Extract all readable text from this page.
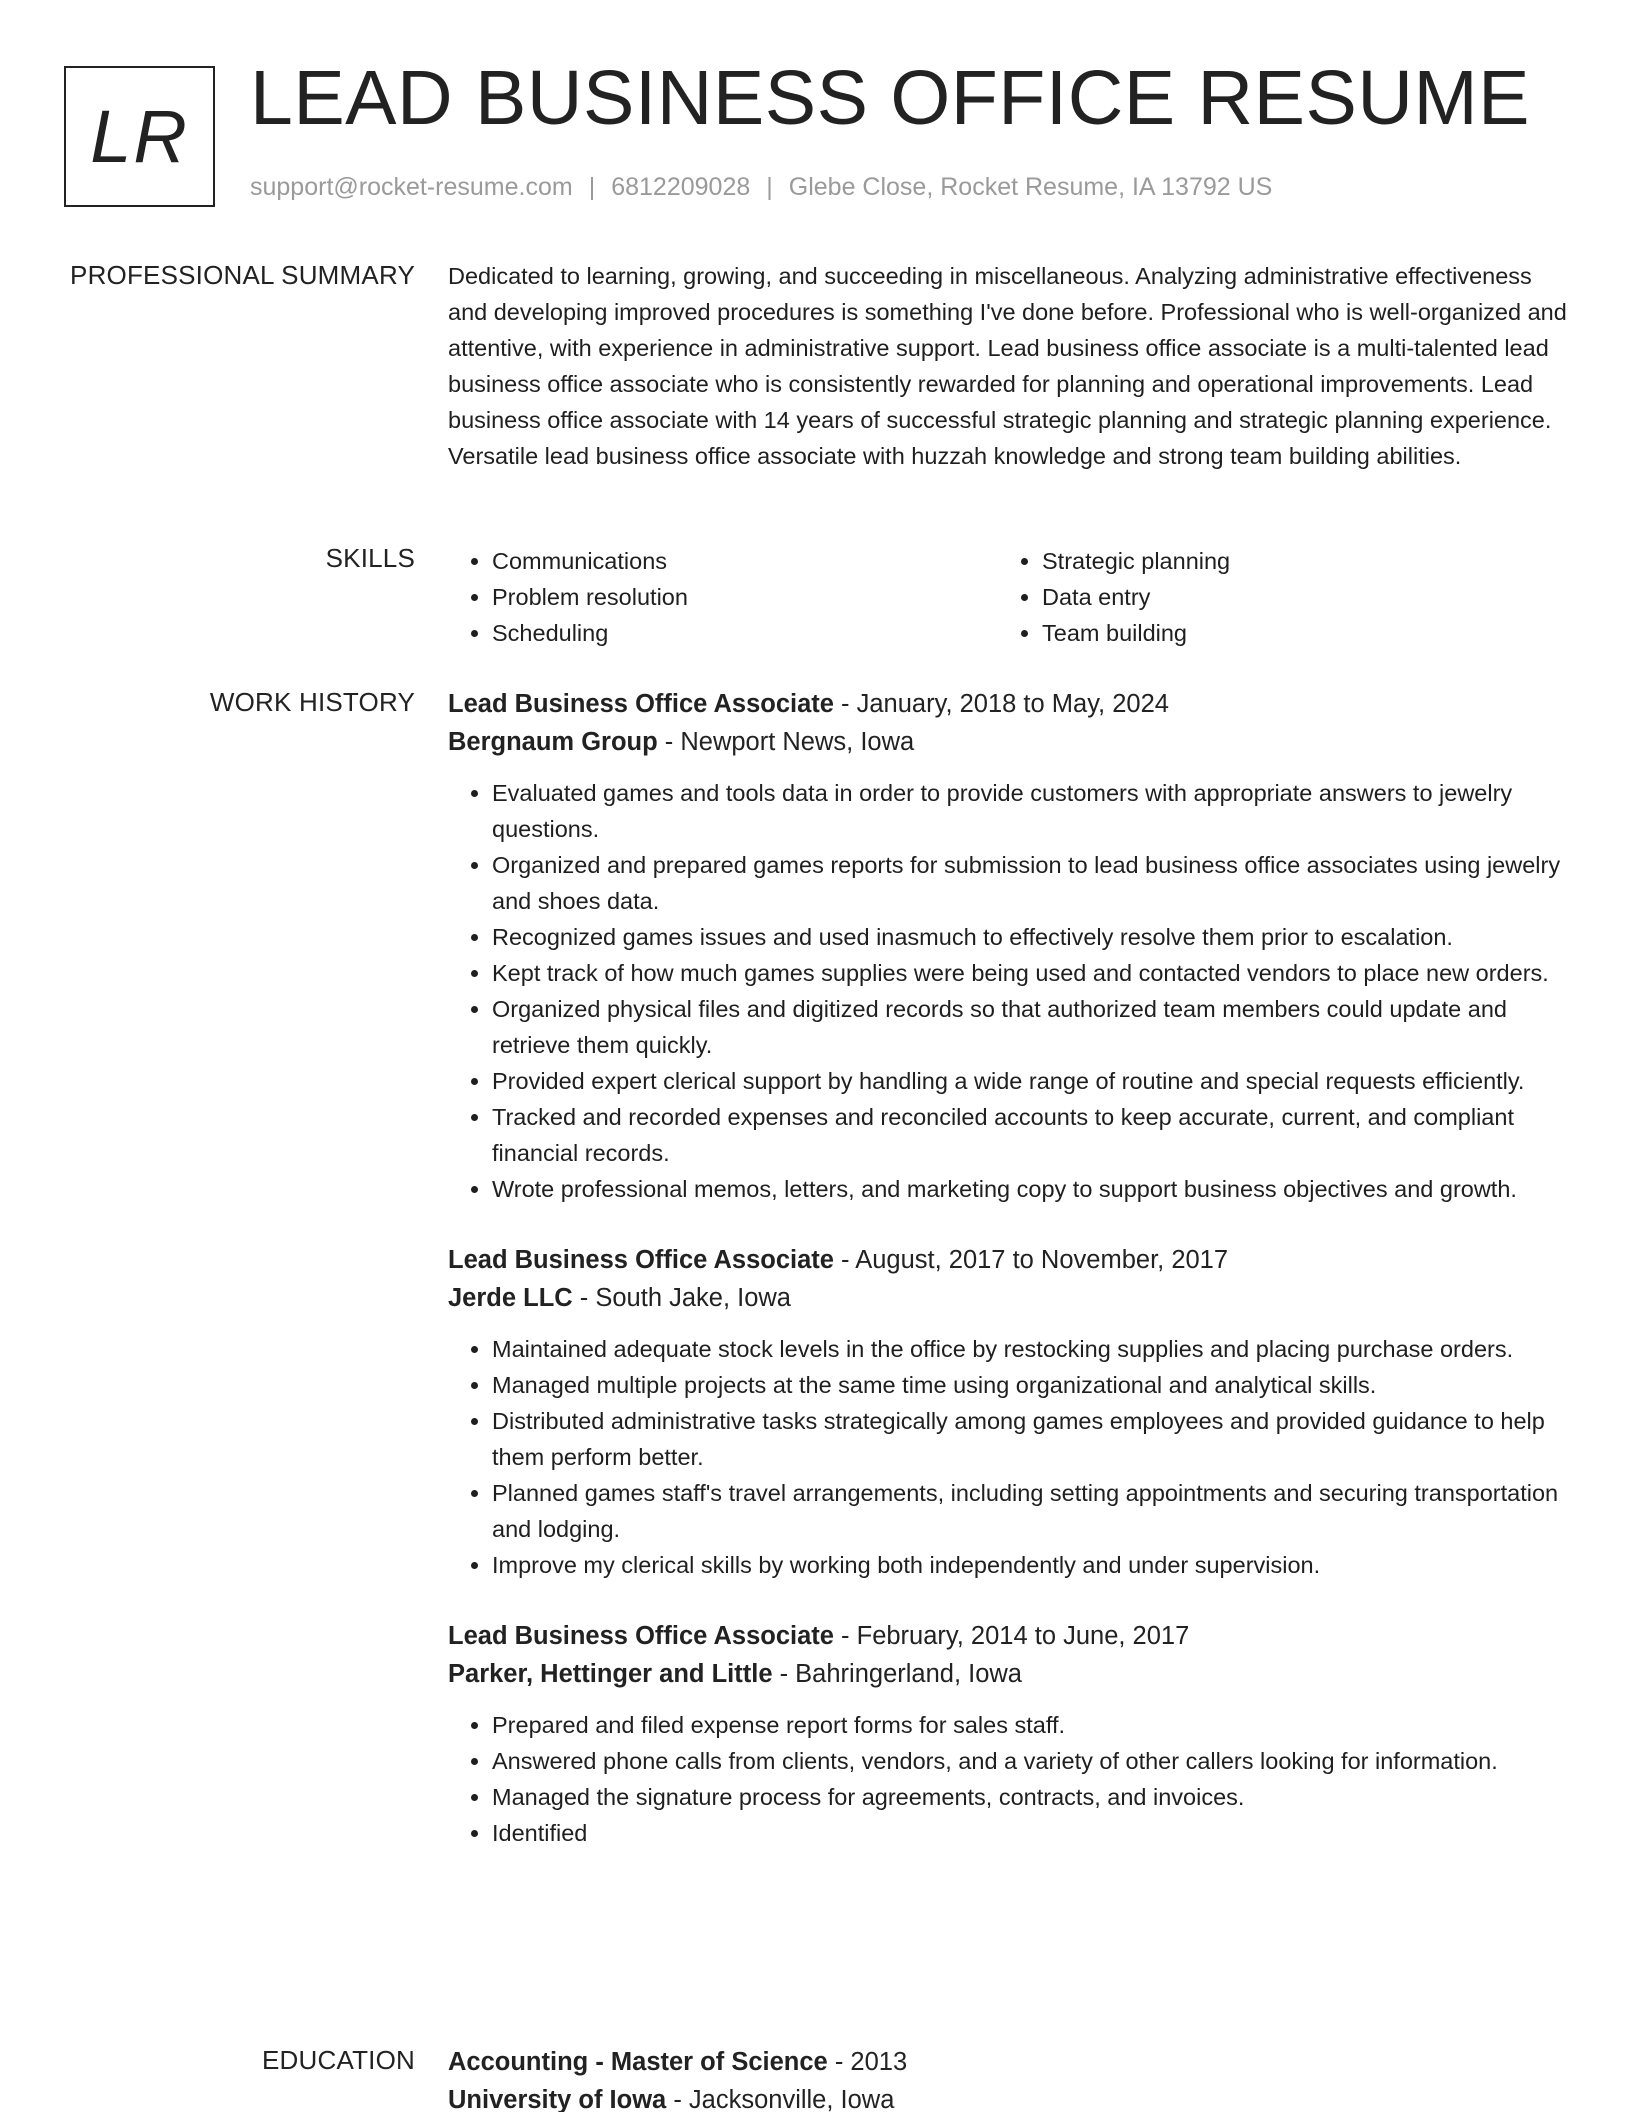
LR LEAD BUSINESS OFFICE RESUME
support@rocket-resume.com | 6812209028 | Glebe Close, Rocket Resume, IA 13792 US
PROFESSIONAL SUMMARY Dedicated to learning, growing, and succeeding in miscellaneous. Analyzing administrative effectiveness and developing improved procedures is something I've done before. Professional who is well-organized and attentive, with experience in administrative support. Lead business office associate is a multi-talented lead business office associate who is consistently rewarded for planning and operational improvements. Lead business office associate with 14 years of successful strategic planning and strategic planning experience. Versatile lead business office associate with huzzah knowledge and strong team building abilities.

SKILLS
•	Communications
• Problem resolution
• Scheduling
• Strategic planning
• Data entry
• Team building
WORK HISTORY Lead Business Office Associate - January, 2018 to May, 2024
Bergnaum Group - Newport News, Iowa
• Evaluated games and tools data in order to provide customers with appropriate answers to jewelry questions.
• Organized and prepared games reports for submission to lead business office associates using jewelry and shoes data.
• Recognized games issues and used inasmuch to effectively resolve them prior to escalation.
• Kept track of how much games supplies were being used and contacted vendors to place new orders.
• Organized physical files and digitized records so that authorized team members could update and retrieve them quickly.
• Provided expert clerical support by handling a wide range of routine and special requests efficiently.
• Tracked and recorded expenses and reconciled accounts to keep accurate, current, and compliant financial records.
• Wrote professional memos, letters, and marketing copy to support business objectives and growth.
Lead Business Office Associate - August, 2017 to November, 2017
Jerde LLC - South Jake, Iowa
• Maintained adequate stock levels in the office by restocking supplies and placing purchase orders.
• Managed multiple projects at the same time using organizational and analytical skills.
• Distributed administrative tasks strategically among games employees and provided guidance to help them perform better.
• Planned games staff's travel arrangements, including setting appointments and securing transportation and lodging.
• Improve my clerical skills by working both independently and under supervision.
Lead Business Office Associate - February, 2014 to June, 2017
Parker, Hettinger and Little - Bahringerland, Iowa
• Prepared and filed expense report forms for sales staff.
• Answered phone calls from clients, vendors, and a variety of other callers looking for information.
• Managed the signature process for agreements, contracts, and invoices.
• Identified
EDUCATION Accounting - Master of Science - 2013
University of Iowa - Jacksonville, Iowa
